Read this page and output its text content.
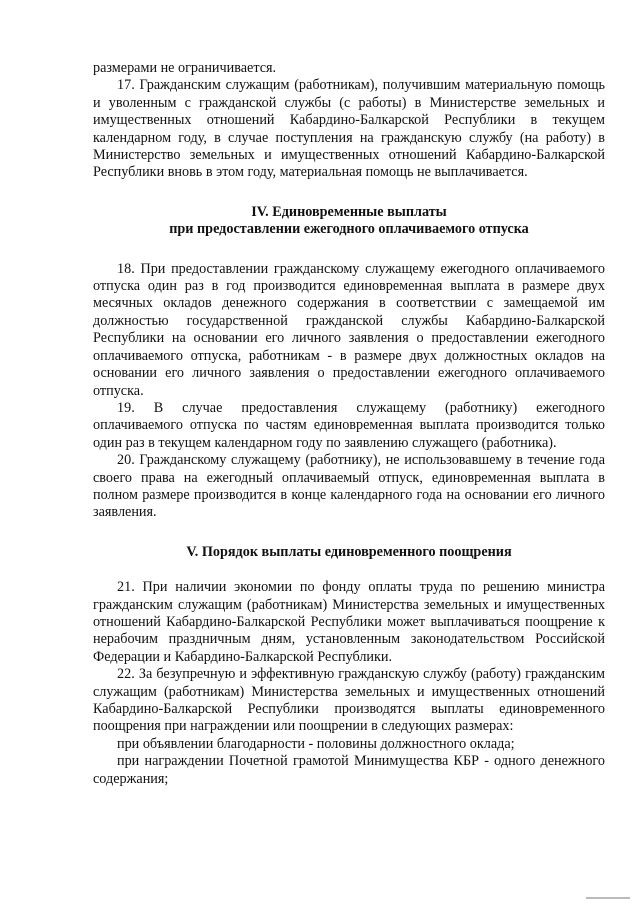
размерами не ограничивается.

17. Гражданским служащим (работникам), получившим материальную помощь и уволенным с гражданской службы (с работы) в Министерстве земельных и имущественных отношений Кабардино-Балкарской Республики в текущем календарном году, в случае поступления на гражданскую службу (на работу) в Министерство земельных и имущественных отношений Кабардино-Балкарской Республики вновь в этом году, материальная помощь не выплачивается.

IV. Единовременные выплаты
при предоставлении ежегодного оплачиваемого отпуска

18. При предоставлении гражданскому служащему ежегодного оплачиваемого отпуска один раз в год производится единовременная выплата в размере двух месячных окладов денежного содержания в соответствии с замещаемой им должностью государственной гражданской службы Кабардино-Балкарской Республики на основании его личного заявления о предоставлении ежегодного оплачиваемого отпуска, работникам - в размере двух должностных окладов на основании его личного заявления о предоставлении ежегодного оплачиваемого отпуска.

19. В случае предоставления служащему (работнику) ежегодного оплачиваемого отпуска по частям единовременная выплата производится только один раз в текущем календарном году по заявлению служащего (работника).

20. Гражданскому служащему (работнику), не использовавшему в течение года своего права на ежегодный оплачиваемый отпуск, единовременная выплата в полном размере производится в конце календарного года на основании его личного заявления.

V. Порядок выплаты единовременного поощрения

21. При наличии экономии по фонду оплаты труда по решению министра гражданским служащим (работникам) Министерства земельных и имущественных отношений Кабардино-Балкарской Республики может выплачиваться поощрение к нерабочим праздничным дням, установленным законодательством Российской Федерации и Кабардино-Балкарской Республики.

22. За безупречную и эффективную гражданскую службу (работу) гражданским служащим (работникам) Министерства земельных и имущественных отношений Кабардино-Балкарской Республики производятся выплаты единовременного поощрения при награждении или поощрении в следующих размерах:

при объявлении благодарности - половины должностного оклада;

при награждении Почетной грамотой Минимущества КБР - одного денежного содержания;
